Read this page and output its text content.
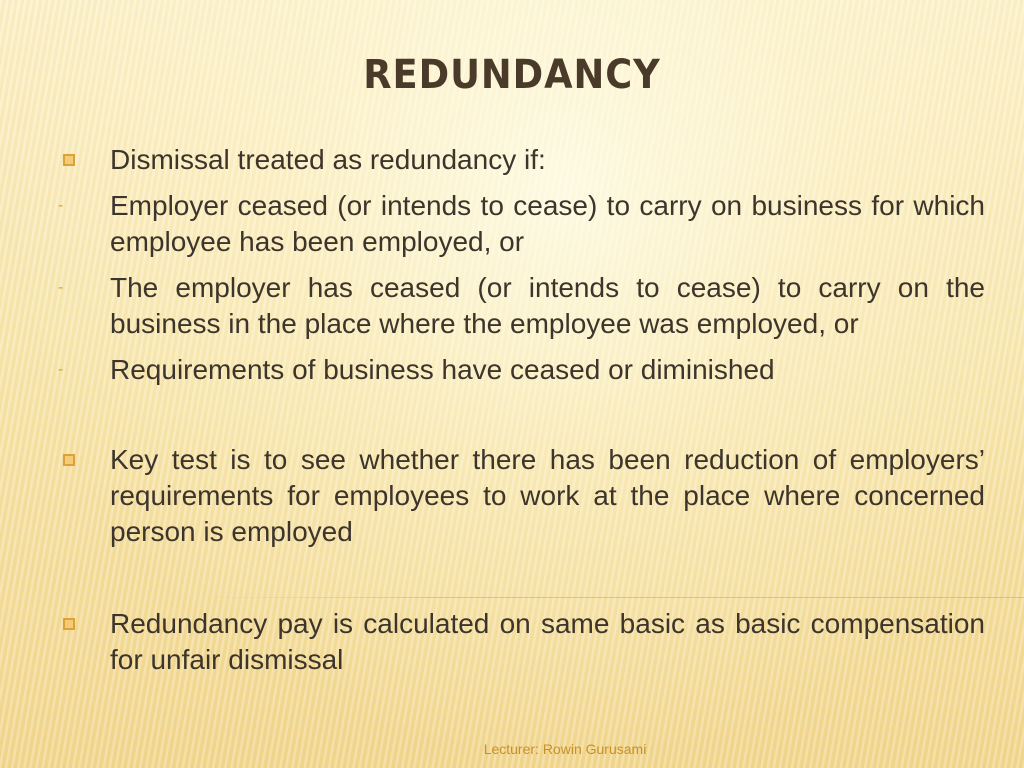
REDUNDANCY
Dismissal treated as redundancy if:
- Employer ceased (or intends to cease) to carry on business for which employee has been employed, or
- The employer has ceased (or intends to cease) to carry on the business in the place where the employee was employed, or
- Requirements of business have ceased or diminished
Key test is to see whether there has been reduction of employers’ requirements for employees to work at the place where concerned person is employed
Redundancy pay is calculated on same basic as basic compensation for unfair dismissal
Lecturer: Rowin Gurusami
